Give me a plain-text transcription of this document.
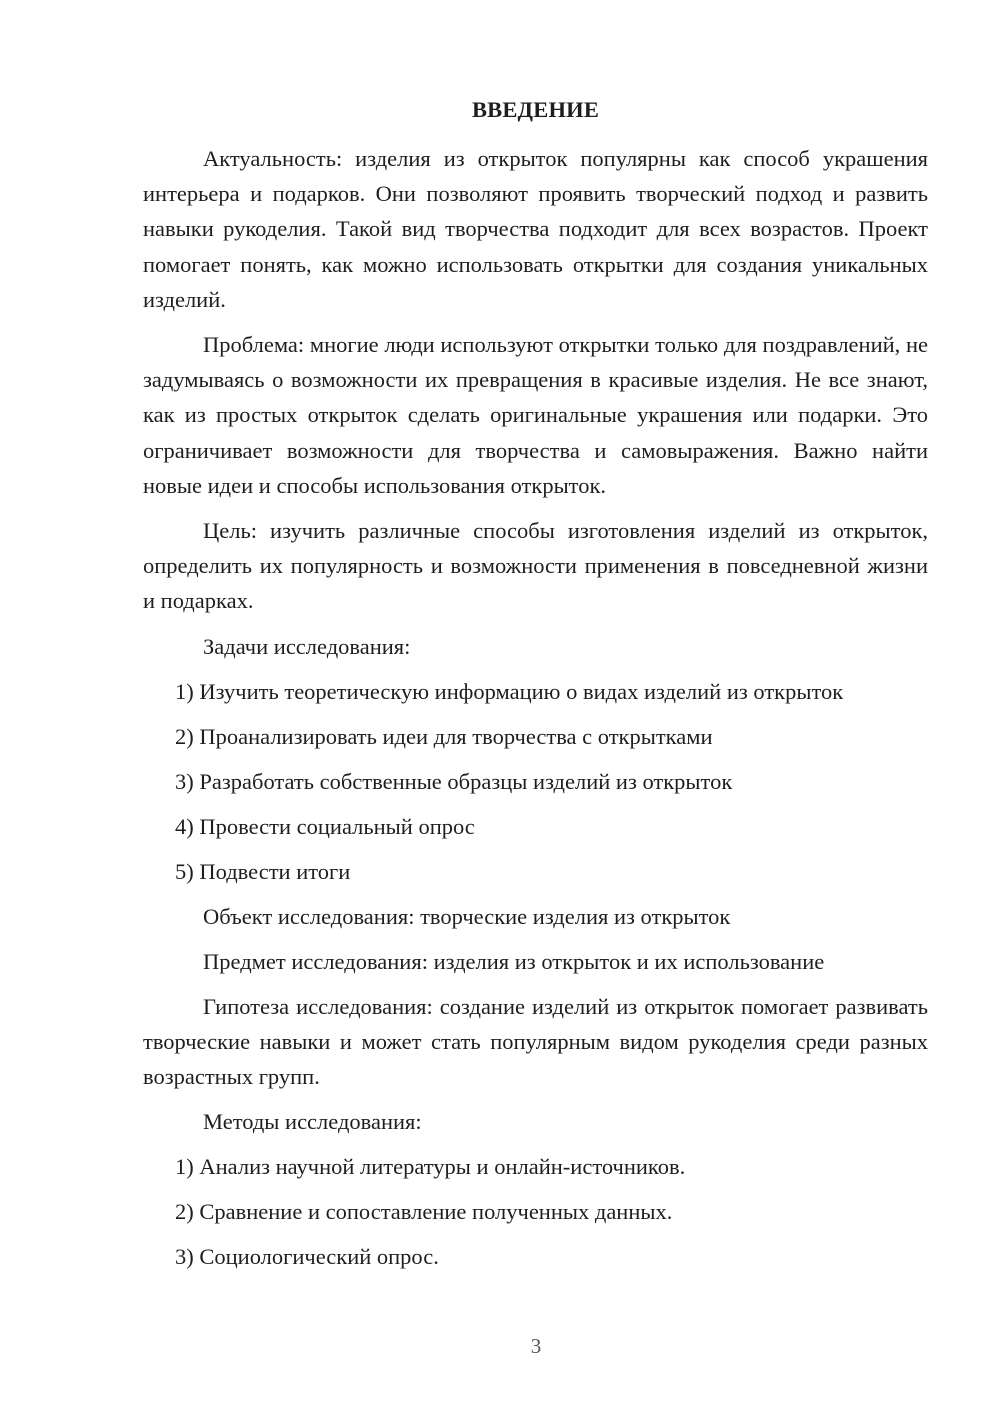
ВВЕДЕНИЕ

Актуальность: изделия из открыток популярны как способ украшения интерьера и подарков. Они позволяют проявить творческий подход и развить навыки рукоделия. Такой вид творчества подходит для всех возрастов. Проект помогает понять, как можно использовать открытки для создания уникальных изделий.

Проблема: многие люди используют открытки только для поздравлений, не задумываясь о возможности их превращения в красивые изделия. Не все знают, как из простых открыток сделать оригинальные украшения или подарки. Это ограничивает возможности для творчества и самовыражения. Важно найти новые идеи и способы использования открыток.

Цель: изучить различные способы изготовления изделий из открыток, определить их популярность и возможности применения в повседневной жизни и подарках.

Задачи исследования:
1) Изучить теоретическую информацию о видах изделий из открыток
2) Проанализировать идеи для творчества с открытками
3) Разработать собственные образцы изделий из открыток
4) Провести социальный опрос
5) Подвести итоги
Объект исследования: творческие изделия из открыток
Предмет исследования: изделия из открыток и их использование

Гипотеза исследования: создание изделий из открыток помогает развивать творческие навыки и может стать популярным видом рукоделия среди разных возрастных групп.

Методы исследования:
1) Анализ научной литературы и онлайн-источников.
2) Сравнение и сопоставление полученных данных.
3) Социологический опрос.
3
